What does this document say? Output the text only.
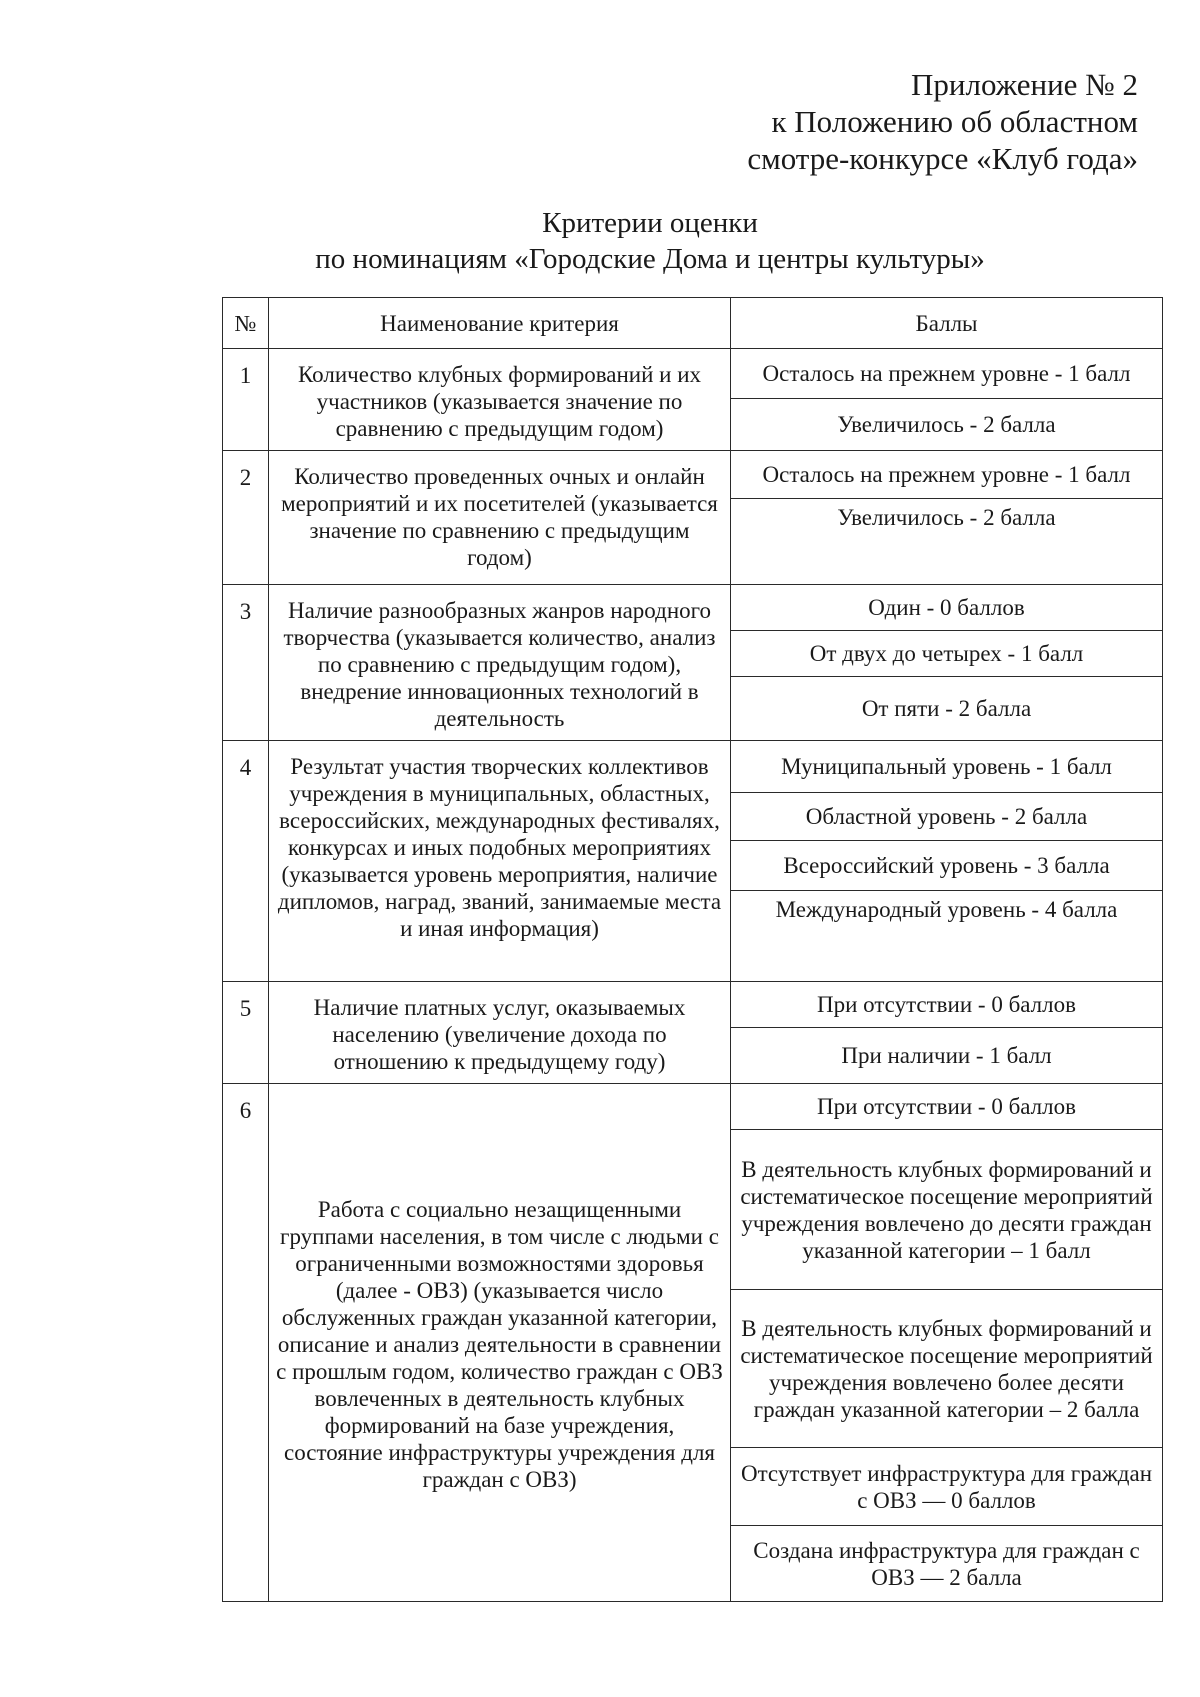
Приложение № 2
к Положению об областном
смотре-конкурсе «Клуб года»
Критерии оценки
по номинациям «Городские Дома и центры культуры»
№	Наименование критерия	Баллы
1	Количество клубных формирований и их участников (указывается значение по сравнению с предыдущим годом)	Осталось на прежнем уровне - 1 балл
		Увеличилось - 2 балла
2	Количество проведенных очных и онлайн мероприятий и их посетителей (указывается значение по сравнению с предыдущим годом)	Осталось на прежнем уровне - 1 балл
		Увеличилось - 2 балла
3	Наличие разнообразных жанров народного творчества (указывается количество, анализ по сравнению с предыдущим годом), внедрение инновационных технологий в деятельность	Один - 0 баллов
		От двух до четырех - 1 балл
		От пяти - 2 балла
4	Результат участия творческих коллективов учреждения в муниципальных, областных, всероссийских, международных фестивалях, конкурсах и иных подобных мероприятиях (указывается уровень мероприятия, наличие дипломов, наград, званий, занимаемые места и иная информация)	Муниципальный уровень - 1 балл
		Областной уровень - 2 балла
		Всероссийский уровень - 3 балла
		Международный уровень - 4 балла
5	Наличие платных услуг, оказываемых населению (увеличение дохода по отношению к предыдущему году)	При отсутствии - 0 баллов
		При наличии - 1 балл
6	Работа с социально незащищенными группами населения, в том числе с людьми с ограниченными возможностями здоровья (далее - ОВЗ) (указывается число обслуженных граждан указанной категории, описание и анализ деятельности в сравнении с прошлым годом, количество граждан с ОВЗ вовлеченных в деятельность клубных формирований на базе учреждения, состояние инфраструктуры учреждения для граждан с ОВЗ)	При отсутствии - 0 баллов
		В деятельность клубных формирований и систематическое посещение мероприятий учреждения вовлечено до десяти граждан указанной категории – 1 балл
		В деятельность клубных формирований и систематическое посещение мероприятий учреждения вовлечено более десяти граждан указанной категории – 2 балла
		Отсутствует инфраструктура для граждан с ОВЗ — 0 баллов
		Создана инфраструктура для граждан с ОВЗ — 2 балла
